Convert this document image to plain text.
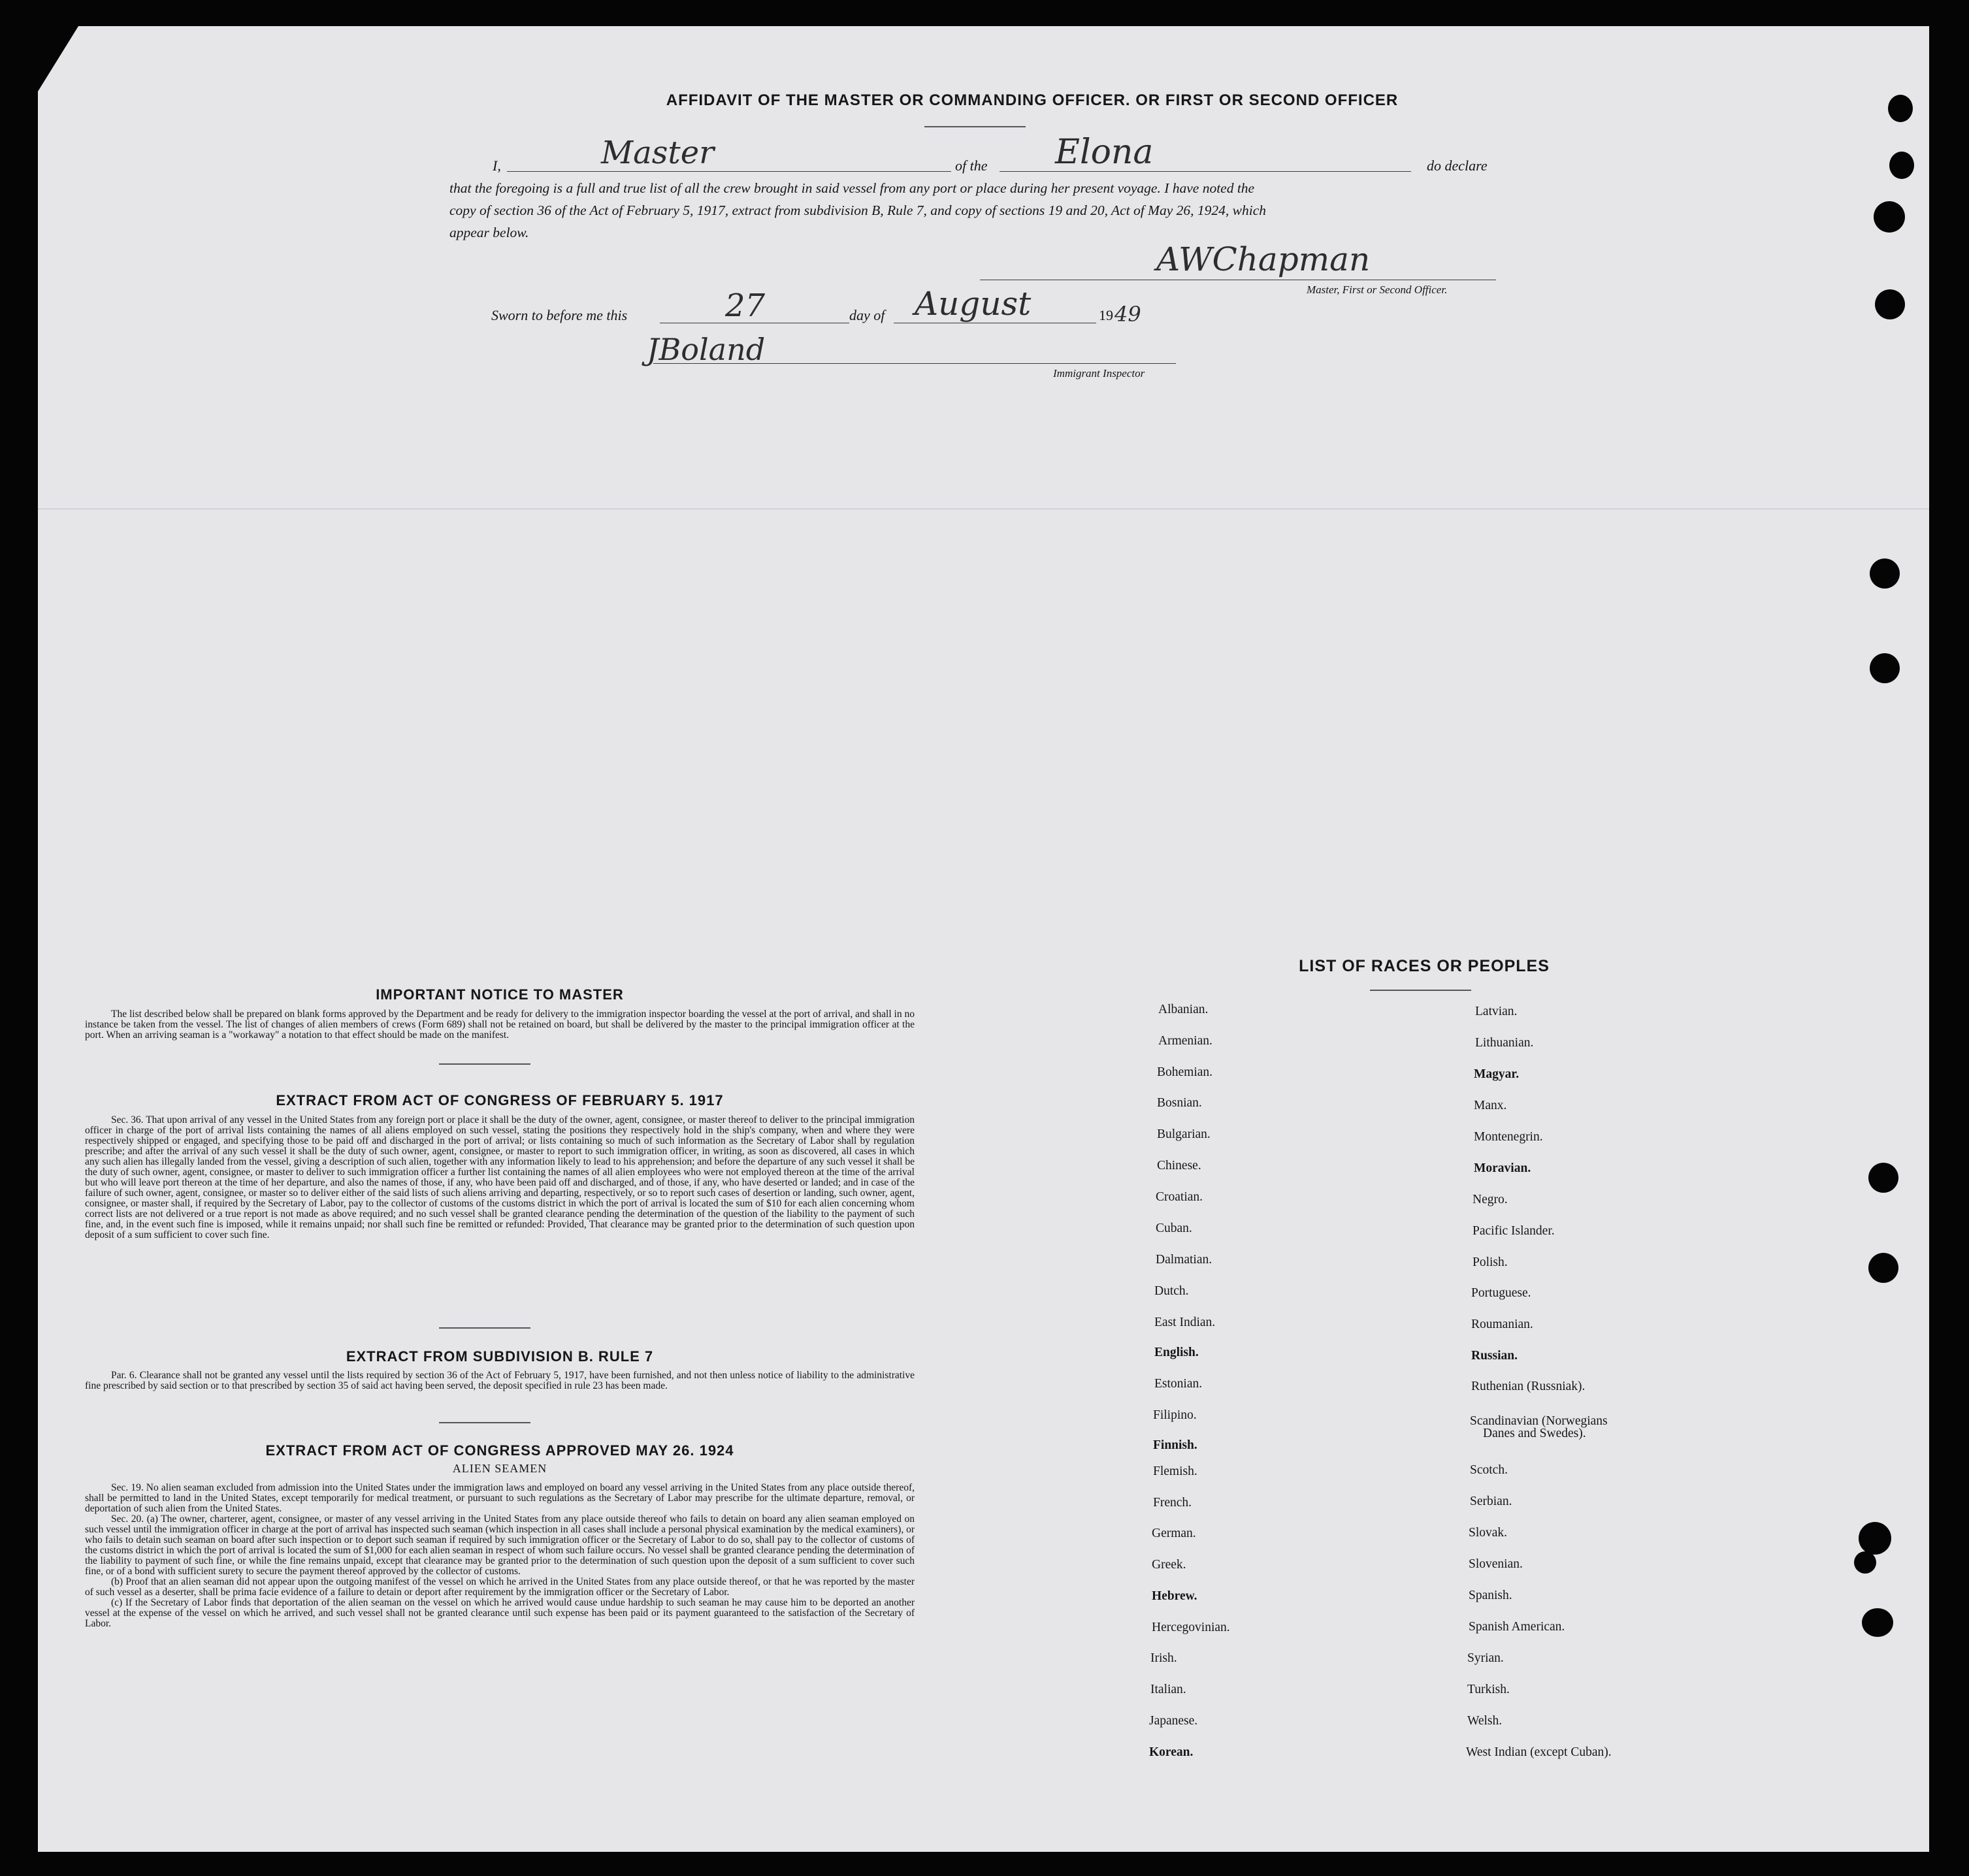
AFFIDAVIT OF THE MASTER OR COMMANDING OFFICER. OR FIRST OR SECOND OFFICER
I,	Master	of the Elona	do declare
that the foregoing is a full and true list of all the crew brought in said vessel from any port or place during her present voyage. I have noted the
copy of section 36 of the Act of February 5, 1917, extract from subdivision B, Rule 7, and copy of sections 19 and 20, Act of May 26, 1924, which
appear below.
AWChapman
Master, First or Second Officer.
Sworn to before me this	27	day of August	19 49
JBoland
Immigrant Inspector
IMPORTANT NOTICE TO MASTER

The list described below shall be prepared on blank forms approved by the Department and be ready for delivery to the immigration inspector boarding the vessel at the port of arrival, and shall in no instance be taken from the vessel. The list of changes of alien members of crews (Form 689) shall not be retained on board, but shall be delivered by the master to the principal immigration officer at the port. When an arriving seaman is a "workaway" a notation to that effect should be made on the manifest.

EXTRACT FROM ACT OF CONGRESS OF FEBRUARY 5. 1917

Sec. 36. That upon arrival of any vessel in the United States from any foreign port or place it shall be the duty of the owner, agent, consignee, or master thereof to deliver to the principal immigration officer in charge of the port of arrival lists containing the names of all aliens employed on such vessel, stating the positions they respectively hold in the ship's company, when and where they were respectively shipped or engaged, and specifying those to be paid off and discharged in the port of arrival; or lists containing so much of such information as the Secretary of Labor shall by regulation prescribe; and after the arrival of any such vessel it shall be the duty of such owner, agent, consignee, or master to report to such immigration officer, in writing, as soon as discovered, all cases in which any such alien has illegally landed from the vessel, giving a description of such alien, together with any information likely to lead to his apprehension; and before the departure of any such vessel it shall be the duty of such owner, agent, consignee, or master to deliver to such immigration officer a further list containing the names of all alien employees who were not employed thereon at the time of the arrival but who will leave port thereon at the time of her departure, and also the names of those, if any, who have been paid off and discharged, and of those, if any, who have deserted or landed; and in case of the failure of such owner, agent, consignee, or master so to deliver either of the said lists of such aliens arriving and departing, respectively, or so to report such cases of desertion or landing, such owner, agent, consignee, or master shall, if required by the Secretary of Labor, pay to the collector of customs of the customs district in which the port of arrival is located the sum of $10 for each alien concerning whom correct lists are not delivered or a true report is not made as above required; and no such vessel shall be granted clearance pending the determination of the question of the liability to the payment of such fine, and, in the event such fine is imposed, while it remains unpaid; nor shall such fine be remitted or refunded: Provided, That clearance may be granted prior to the determination of such question upon deposit of a sum sufficient to cover such fine.

EXTRACT FROM SUBDIVISION B. RULE 7

Par. 6. Clearance shall not be granted any vessel until the lists required by section 36 of the Act of February 5, 1917, have been furnished, and not then unless notice of liability to the administrative fine prescribed by said section or to that prescribed by section 35 of said act having been served, the deposit specified in rule 23 has been made.

EXTRACT FROM ACT OF CONGRESS APPROVED MAY 26. 1924
ALIEN SEAMEN

Sec. 19. No alien seaman excluded from admission into the United States under the immigration laws and employed on board any vessel arriving in the United States from any place outside thereof, shall be permitted to land in the United States, except temporarily for medical treatment, or pursuant to such regulations as the Secretary of Labor may prescribe for the ultimate departure, removal, or deportation of such alien from the United States.

Sec. 20. (a) The owner, charterer, agent, consignee, or master of any vessel arriving in the United States from any place outside thereof who fails to detain on board any alien seaman employed on such vessel until the immigration officer in charge at the port of arrival has inspected such seaman (which inspection in all cases shall include a personal physical examination by the medical examiners), or who fails to detain such seaman on board after such inspection or to deport such seaman if required by such immigration officer or the Secretary of Labor to do so, shall pay to the collector of customs of the customs district in which the port of arrival is located the sum of $1,000 for each alien seaman in respect of whom such failure occurs. No vessel shall be granted clearance pending the determination of the liability to payment of such fine, or while the fine remains unpaid, except that clearance may be granted prior to the determination of such question upon the deposit of a sum sufficient to cover such fine, or of a bond with sufficient surety to secure the payment thereof approved by the collector of customs.

(b) Proof that an alien seaman did not appear upon the outgoing manifest of the vessel on which he arrived in the United States from any place outside thereof, or that he was reported by the master of such vessel as a deserter, shall be prima facie evidence of a failure to detain or deport after requirement by the immigration officer or the Secretary of Labor.

(c) If the Secretary of Labor finds that deportation of the alien seaman on the vessel on which he arrived would cause undue hardship to such seaman he may cause him to be deported an another vessel at the expense of the vessel on which he arrived, and such vessel shall not be granted clearance until such expense has been paid or its payment guaranteed to the satisfaction of the Secretary of Labor.

LIST OF RACES OR PEOPLES
Albanian.
Armenian.
Bohemian.
Bosnian.
Bulgarian.
Chinese.
Croatian.
Cuban.
Dalmatian.
Dutch.
East Indian.
English.
Estonian.
Filipino.
Finnish.
Flemish.
French.
German.
Greek.
Hebrew.
Hercegovinian.
Irish.
Italian.
Japanese.
Korean.
Latvian.
Lithuanian.
Magyar.
Manx.
Montenegrin.
Moravian.
Negro.
Pacific Islander.
Polish.
Portuguese.
Roumanian.
Russian.
Ruthenian (Russniak).
Scandinavian (Norwegians
Danes and Swedes).
Scotch.
Serbian.
Slovak.
Slovenian.
Spanish.
Spanish American.
Syrian.
Turkish.
Welsh.
West Indian (except Cuban).
